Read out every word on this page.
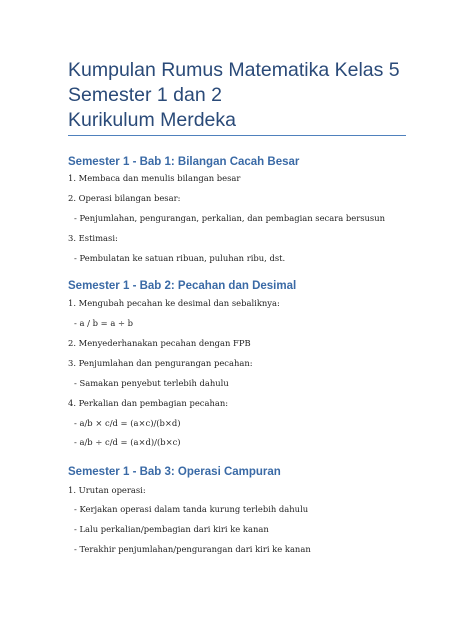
Kumpulan Rumus Matematika Kelas 5
Semester 1 dan 2
Kurikulum Merdeka
Semester 1 - Bab 1: Bilangan Cacah Besar
1. Membaca dan menulis bilangan besar
2. Operasi bilangan besar:
- Penjumlahan, pengurangan, perkalian, dan pembagian secara bersusun
3. Estimasi:
- Pembulatan ke satuan ribuan, puluhan ribu, dst.
Semester 1 - Bab 2: Pecahan dan Desimal
1. Mengubah pecahan ke desimal dan sebaliknya:
- a / b = a ÷ b
2. Menyederhanakan pecahan dengan FPB
3. Penjumlahan dan pengurangan pecahan:
- Samakan penyebut terlebih dahulu
4. Perkalian dan pembagian pecahan:
- a/b × c/d = (a×c)/(b×d)
- a/b ÷ c/d = (a×d)/(b×c)
Semester 1 - Bab 3: Operasi Campuran
1. Urutan operasi:
- Kerjakan operasi dalam tanda kurung terlebih dahulu
- Lalu perkalian/pembagian dari kiri ke kanan
- Terakhir penjumlahan/pengurangan dari kiri ke kanan
